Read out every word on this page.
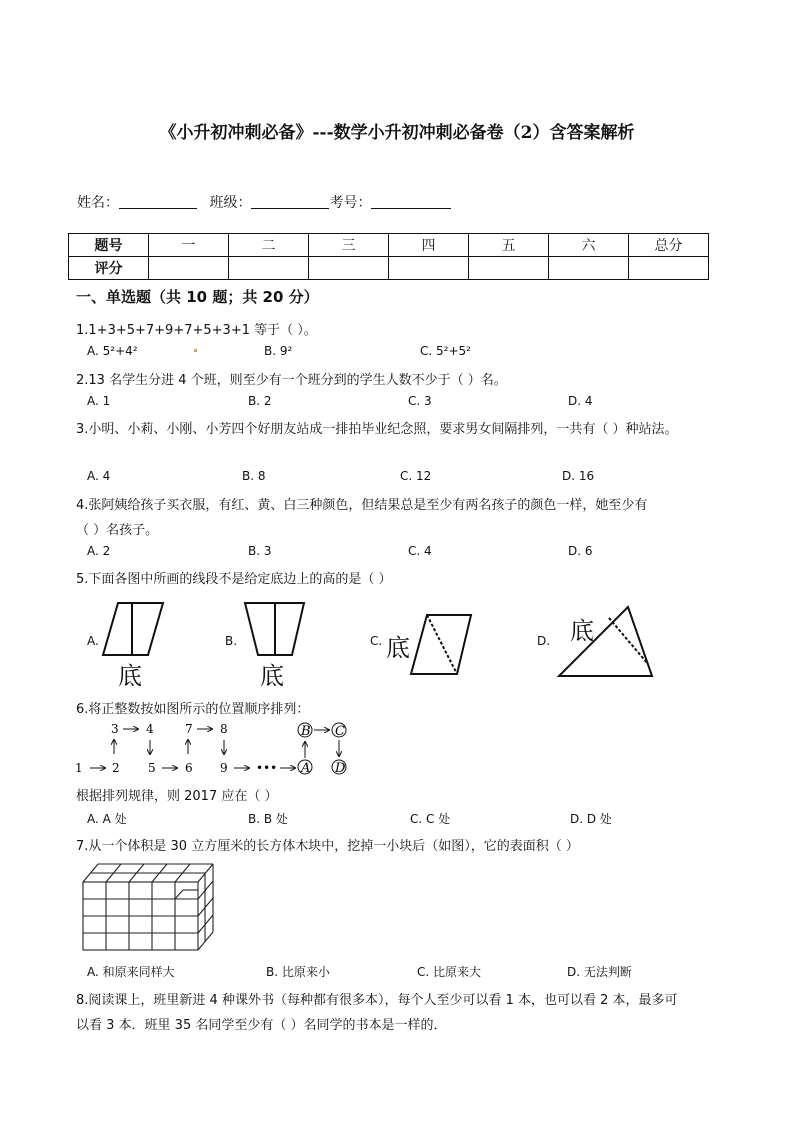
《小升初冲刺必备》---数学小升初冲刺必备卷（2）含答案解析
姓名：	班级：	考号：
题号	一	二	三	四	五	六	总分
评分							
一、单选题（共 10 题；共 20 分）
1.1+3+5+7+9+7+5+3+1 等于（ ）。
A. 5²+4²	B. 9²	C. 5²+5²
2.13 名学生分进 4 个班，则至少有一个班分到的学生人数不少于（ ）名。
A. 1	B. 2	C. 3	D. 4
3.小明、小莉、小刚、小芳四个好朋友站成一排拍毕业纪念照，要求男女间隔排列，一共有（ ）种站法。
A. 4	B. 8	C. 12	D. 16
4.张阿姨给孩子买衣服，有红、黄、白三种颜色，但结果总是至少有两名孩子的颜色一样，她至少有
（ ）名孩子。
A. 2	B. 3	C. 4	D. 6
5.下面各图中所画的线段不是给定底边上的高的是（ ）
A.	B.	C.	D.
底	底
底
底
6.将正整数按如图所示的位置顺序排列：
3 4	7 8
1 2 5 6 9 •••
B C
A D
根据排列规律，则 2017 应在（ ）
A. A 处	B. B 处	C. C 处	D. D 处
7.从一个体积是 30 立方厘米的长方体木块中，挖掉一小块后（如图），它的表面积（ ）
A. 和原来同样大	B. 比原来小	C. 比原来大	D. 无法判断
8.阅读课上，班里新进 4 种课外书（每种都有很多本），每个人至少可以看 1 本，也可以看 2 本，最多可
以看 3 本．班里 35 名同学至少有（ ）名同学的书本是一样的．
